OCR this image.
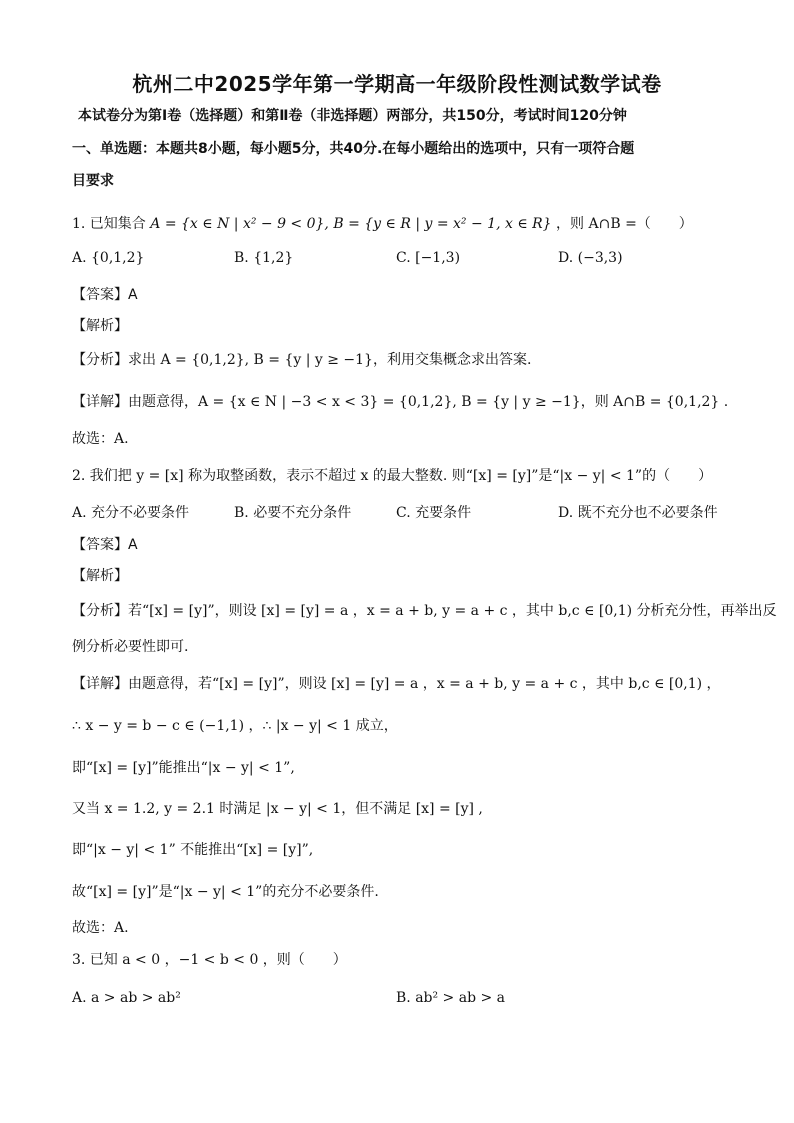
杭州二中2025学年第一学期高一年级阶段性测试数学试卷
本试卷分为第Ⅰ卷（选择题）和第Ⅱ卷（非选择题）两部分，共150分，考试时间120分钟
一、单选题：本题共8小题，每小题5分，共40分.在每小题给出的选项中，只有一项符合题
目要求
1. 已知集合 A = {x ∈ N | x² − 9 < 0}, B = {y ∈ R | y = x² − 1, x ∈ R} ，则 A∩B =（　　）
A. {0,1,2}	B. {1,2}	C. [−1,3)	D. (−3,3)
【答案】A
【解析】
【分析】求出 A = {0,1,2}, B = {y | y ≥ −1}，利用交集概念求出答案.
【详解】由题意得，A = {x ∈ N | −3 < x < 3} = {0,1,2}, B = {y | y ≥ −1}，则 A∩B = {0,1,2} .
故选：A.
2. 我们把 y = [x] 称为取整函数，表示不超过 x 的最大整数. 则“[x] = [y]”是“|x − y| < 1”的（　　）
A. 充分不必要条件	B. 必要不充分条件	C. 充要条件	D. 既不充分也不必要条件
【答案】A
【解析】
【分析】若“[x] = [y]”，则设 [x] = [y] = a ，x = a + b, y = a + c ，其中 b,c ∈ [0,1) 分析充分性，再举出反
例分析必要性即可.
【详解】由题意得，若“[x] = [y]”，则设 [x] = [y] = a ，x = a + b, y = a + c ，其中 b,c ∈ [0,1) ，
∴ x − y = b − c ∈ (−1,1) ，∴ |x − y| < 1 成立，
即“[x] = [y]”能推出“|x − y| < 1”,
又当 x = 1.2, y = 2.1 时满足 |x − y| < 1，但不满足 [x] = [y] ,
即“|x − y| < 1” 不能推出“[x] = [y]”,
故“[x] = [y]”是“|x − y| < 1”的充分不必要条件.
故选：A.
3. 已知 a < 0 ，−1 < b < 0 ，则（　　）
A. a > ab > ab²	B. ab² > ab > a
